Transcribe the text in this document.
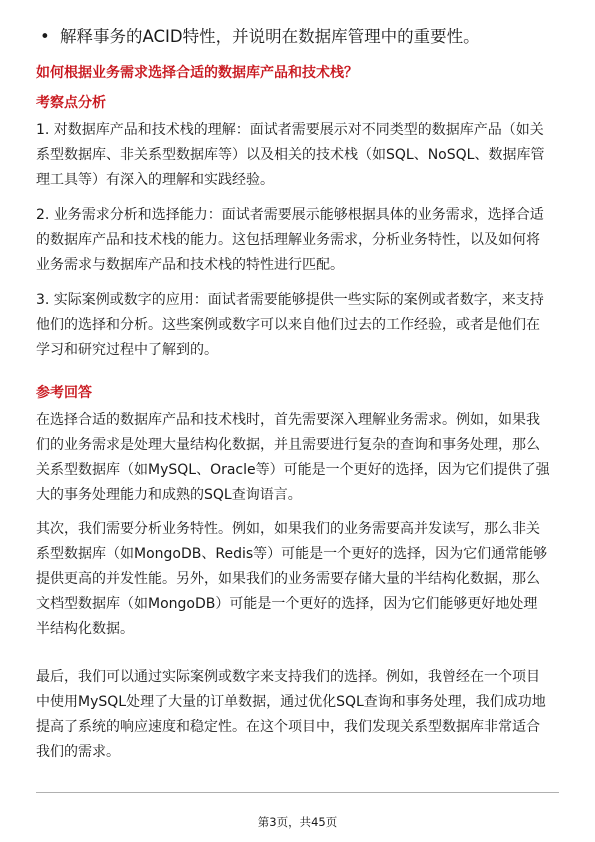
• 解释事务的ACID特性，并说明在数据库管理中的重要性。
如何根据业务需求选择合适的数据库产品和技术栈？
考察点分析
1. 对数据库产品和技术栈的理解：面试者需要展示对不同类型的数据库产品（如关
系型数据库、非关系型数据库等）以及相关的技术栈（如SQL、NoSQL、数据库管
理工具等）有深入的理解和实践经验。
2. 业务需求分析和选择能力：面试者需要展示能够根据具体的业务需求，选择合适
的数据库产品和技术栈的能力。这包括理解业务需求，分析业务特性，以及如何将
业务需求与数据库产品和技术栈的特性进行匹配。
3. 实际案例或数字的应用：面试者需要能够提供一些实际的案例或者数字，来支持
他们的选择和分析。这些案例或数字可以来自他们过去的工作经验，或者是他们在
学习和研究过程中了解到的。
参考回答
在选择合适的数据库产品和技术栈时，首先需要深入理解业务需求。例如，如果我
们的业务需求是处理大量结构化数据，并且需要进行复杂的查询和事务处理，那么
关系型数据库（如MySQL、Oracle等）可能是一个更好的选择，因为它们提供了强
大的事务处理能力和成熟的SQL查询语言。
其次，我们需要分析业务特性。例如，如果我们的业务需要高并发读写，那么非关
系型数据库（如MongoDB、Redis等）可能是一个更好的选择，因为它们通常能够
提供更高的并发性能。另外，如果我们的业务需要存储大量的半结构化数据，那么
文档型数据库（如MongoDB）可能是一个更好的选择，因为它们能够更好地处理
半结构化数据。
最后，我们可以通过实际案例或数字来支持我们的选择。例如，我曾经在一个项目
中使用MySQL处理了大量的订单数据，通过优化SQL查询和事务处理，我们成功地
提高了系统的响应速度和稳定性。在这个项目中，我们发现关系型数据库非常适合
我们的需求。
第3页，共45页
